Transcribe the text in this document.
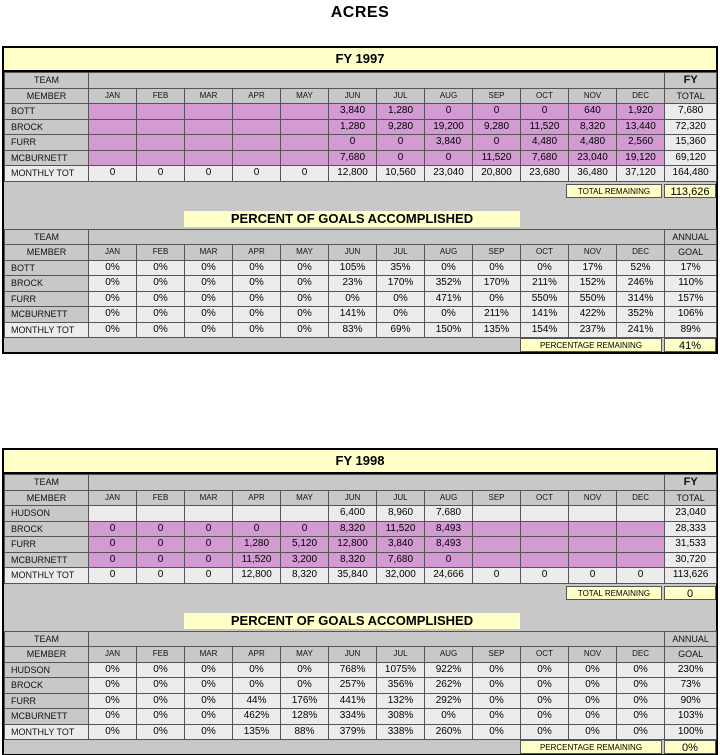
ACRES
FY 1997
TEAM													FY
MEMBER	JAN	FEB	MAR	APR	MAY	JUN	JUL	AUG	SEP	OCT	NOV	DEC	TOTAL
BOTT						3,840	1,280	0	0	0	640	1,920	7,680
BROCK						1,280	9,280	19,200	9,280	11,520	8,320	13,440	72,320
FURR						0	0	3,840	0	4,480	4,480	2,560	15,360
MCBURNETT						7,680	0	0	11,520	7,680	23,040	19,120	69,120
MONTHLY TOT	0	0	0	0	0	12,800	10,560	23,040	20,800	23,680	36,480	37,120	164,480
TOTAL REMAINING	113,626
PERCENT OF GOALS ACCOMPLISHED
TEAM													ANNUAL
MEMBER	JAN	FEB	MAR	APR	MAY	JUN	JUL	AUG	SEP	OCT	NOV	DEC	GOAL
BOTT	0%	0%	0%	0%	0%	105%	35%	0%	0%	0%	17%	52%	17%
BROCK	0%	0%	0%	0%	0%	23%	170%	352%	170%	211%	152%	246%	110%
FURR	0%	0%	0%	0%	0%	0%	0%	471%	0%	550%	550%	314%	157%
MCBURNETT	0%	0%	0%	0%	0%	141%	0%	0%	211%	141%	422%	352%	106%
MONTHLY TOT	0%	0%	0%	0%	0%	83%	69%	150%	135%	154%	237%	241%	89%
PERCENTAGE REMAINING	41%
FY 1998
TEAM													FY
MEMBER	JAN	FEB	MAR	APR	MAY	JUN	JUL	AUG	SEP	OCT	NOV	DEC	TOTAL
HUDSON						6,400	8,960	7,680					23,040
BROCK	0	0	0	0	0	8,320	11,520	8,493					28,333
FURR	0	0	0	1,280	5,120	12,800	3,840	8,493					31,533
MCBURNETT	0	0	0	11,520	3,200	8,320	7,680	0					30,720
MONTHLY TOT	0	0	0	12,800	8,320	35,840	32,000	24,666	0	0	0	0	113,626
TOTAL REMAINING	0
PERCENT OF GOALS ACCOMPLISHED
TEAM													ANNUAL
MEMBER	JAN	FEB	MAR	APR	MAY	JUN	JUL	AUG	SEP	OCT	NOV	DEC	GOAL
HUDSON	0%	0%	0%	0%	0%	768%	1075%	922%	0%	0%	0%	0%	230%
BROCK	0%	0%	0%	0%	0%	257%	356%	262%	0%	0%	0%	0%	73%
FURR	0%	0%	0%	44%	176%	441%	132%	292%	0%	0%	0%	0%	90%
MCBURNETT	0%	0%	0%	462%	128%	334%	308%	0%	0%	0%	0%	0%	103%
MONTHLY TOT	0%	0%	0%	135%	88%	379%	338%	260%	0%	0%	0%	0%	100%
PERCENTAGE REMAINING	0%
